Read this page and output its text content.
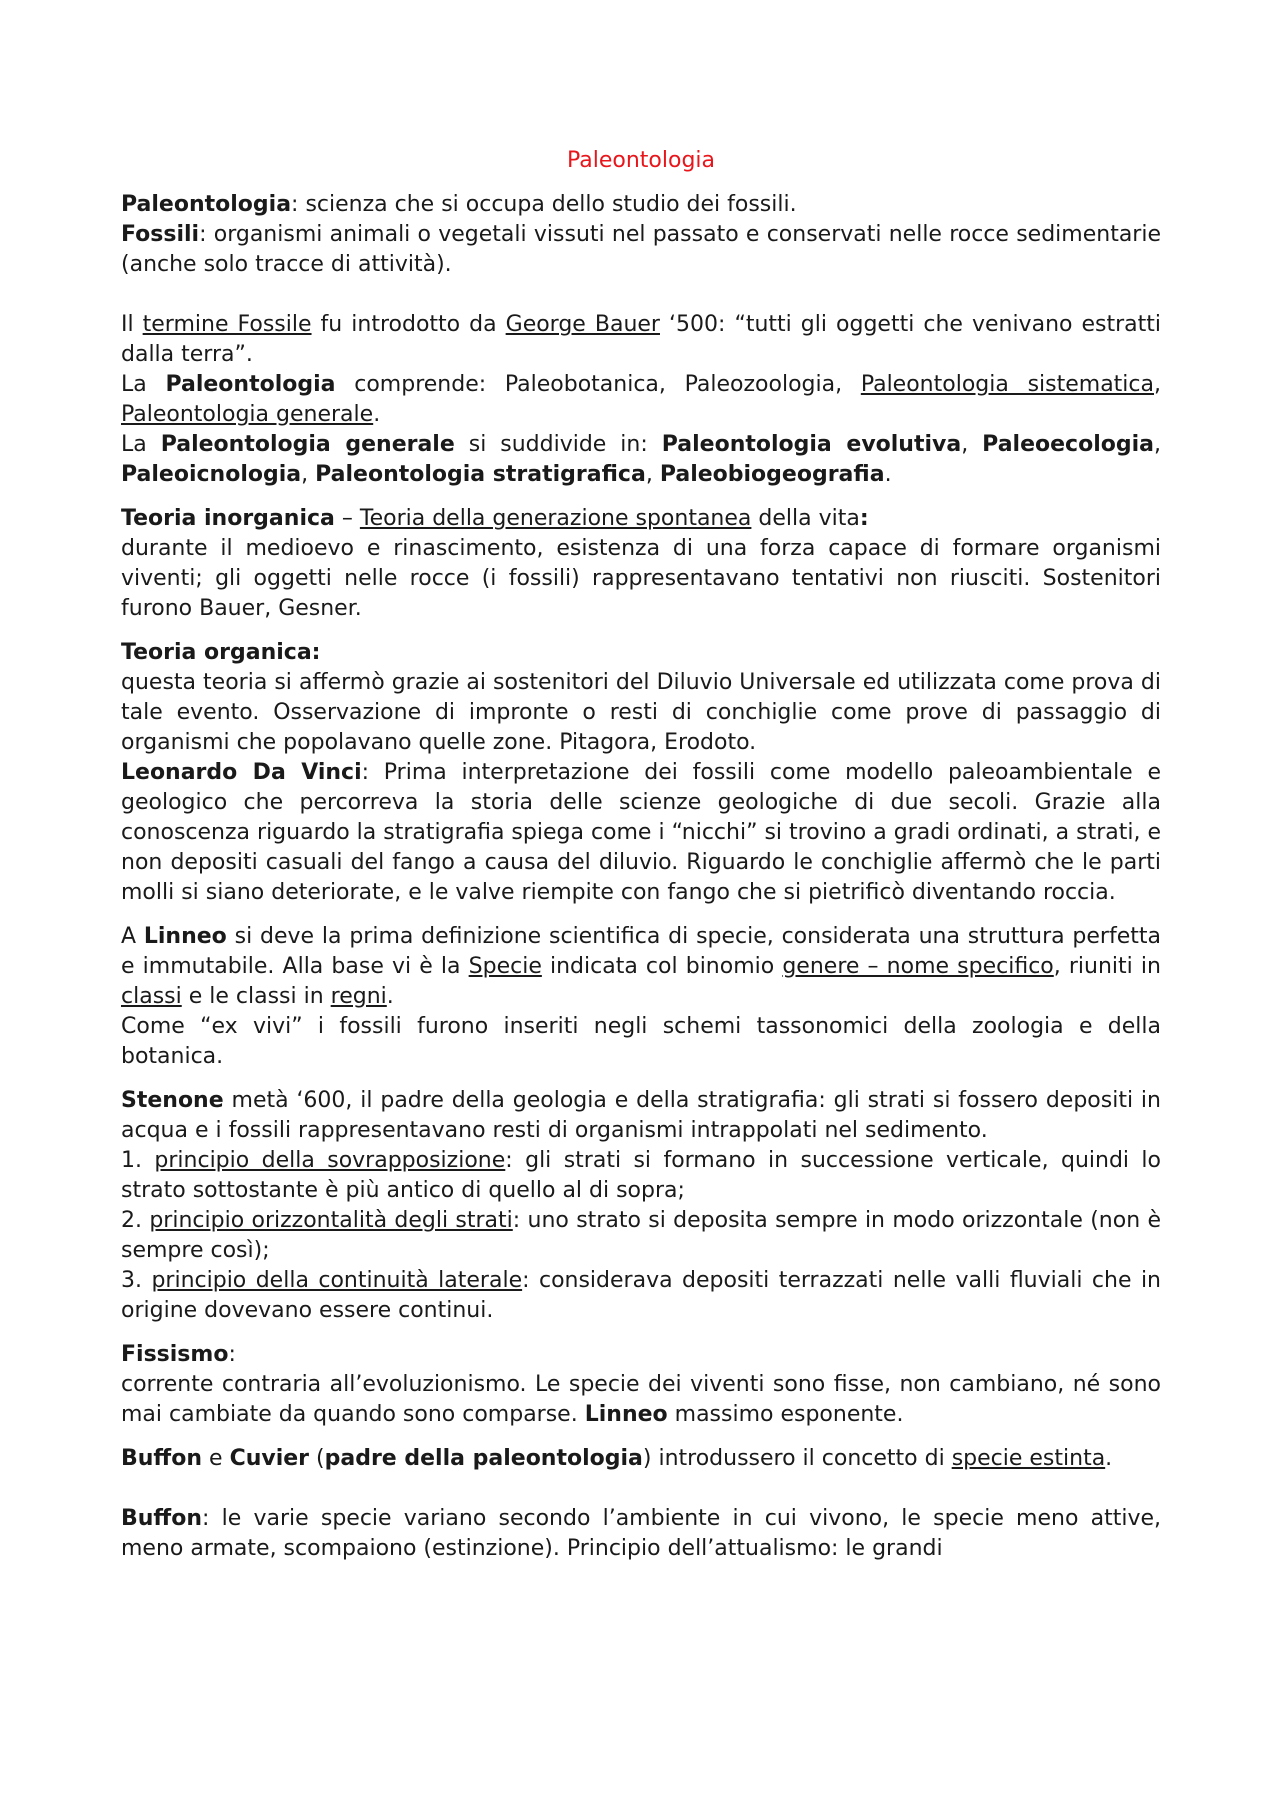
Paleontologia

Paleontologia: scienza che si occupa dello studio dei fossili.

Fossili: organismi animali o vegetali vissuti nel passato e conservati nelle rocce sedimentarie (anche solo tracce di attività).

Il termine Fossile fu introdotto da George Bauer ‘500: “tutti gli oggetti che venivano estratti dalla terra”.

La Paleontologia comprende: Paleobotanica, Paleozoologia, Paleontologia sistematica, Paleontologia generale.

La Paleontologia generale si suddivide in: Paleontologia evolutiva, Paleoecologia, Paleoicnologia, Paleontologia stratigrafica, Paleobiogeografia.

Teoria inorganica – Teoria della generazione spontanea della vita:

durante il medioevo e rinascimento, esistenza di una forza capace di formare organismi viventi; gli oggetti nelle rocce (i fossili) rappresentavano tentativi non riusciti. Sostenitori furono Bauer, Gesner.

Teoria organica:

questa teoria si affermò grazie ai sostenitori del Diluvio Universale ed utilizzata come prova di tale evento. Osservazione di impronte o resti di conchiglie come prove di passaggio di organismi che popolavano quelle zone. Pitagora, Erodoto.

Leonardo Da Vinci: Prima interpretazione dei fossili come modello paleoambientale e geologico che percorreva la storia delle scienze geologiche di due secoli. Grazie alla conoscenza riguardo la stratigrafia spiega come i “nicchi” si trovino a gradi ordinati, a strati, e non depositi casuali del fango a causa del diluvio. Riguardo le conchiglie affermò che le parti molli si siano deteriorate, e le valve riempite con fango che si pietrificò diventando roccia.

A Linneo si deve la prima definizione scientifica di specie, considerata una struttura perfetta e immutabile. Alla base vi è la Specie indicata col binomio genere – nome specifico, riuniti in classi e le classi in regni.

Come “ex vivi” i fossili furono inseriti negli schemi tassonomici della zoologia e della botanica.

Stenone metà ‘600, il padre della geologia e della stratigrafia: gli strati si fossero depositi in acqua e i fossili rappresentavano resti di organismi intrappolati nel sedimento.

1. principio della sovrapposizione: gli strati si formano in successione verticale, quindi lo strato sottostante è più antico di quello al di sopra;

2. principio orizzontalità degli strati: uno strato si deposita sempre in modo orizzontale (non è sempre così);

3. principio della continuità laterale: considerava depositi terrazzati nelle valli fluviali che in origine dovevano essere continui.

Fissismo:

corrente contraria all’evoluzionismo. Le specie dei viventi sono fisse, non cambiano, né sono mai cambiate da quando sono comparse. Linneo massimo esponente.

Buffon e Cuvier (padre della paleontologia) introdussero il concetto di specie estinta.

Buffon: le varie specie variano secondo l’ambiente in cui vivono, le specie meno attive, meno armate, scompaiono (estinzione). Principio dell’attualismo: le grandi
